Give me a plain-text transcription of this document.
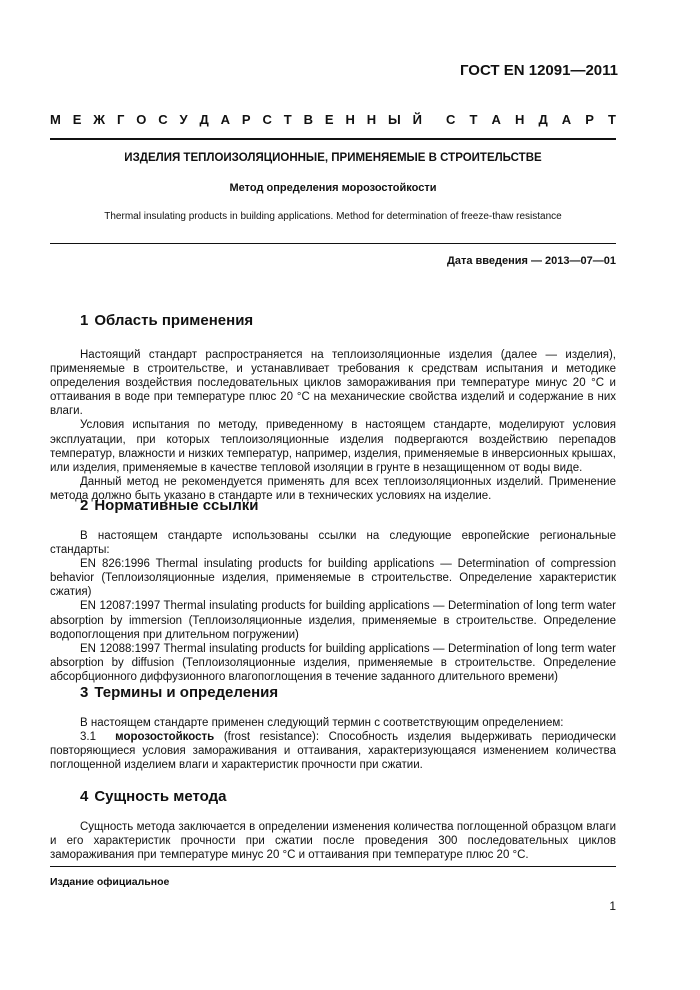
ГОСТ EN 12091—2011
М Е Ж Г О С У Д А Р С Т В Е Н Н Ы Й С Т А Н Д А Р Т
ИЗДЕЛИЯ ТЕПЛОИЗОЛЯЦИОННЫЕ, ПРИМЕНЯЕМЫЕ В СТРОИТЕЛЬСТВЕ
Метод определения морозостойкости
Thermal insulating products in building applications. Method for determination of freeze-thaw resistance
Дата введения — 2013—07—01
1 Область применения

Настоящий стандарт распространяется на теплоизоляционные изделия (далее — изделия), применяемые в строительстве, и устанавливает требования к средствам испытания и методике определения воздействия последовательных циклов замораживания при температуре минус 20 °С и оттаивания в воде при температуре плюс 20 °С на механические свойства изделий и содержание в них влаги.

Условия испытания по методу, приведенному в настоящем стандарте, моделируют условия эксплуатации, при которых теплоизоляционные изделия подвергаются воздействию перепадов температур, влажности и низких температур, например, изделия, применяемые в инверсионных крышах, или изделия, применяемые в качестве тепловой изоляции в грунте в незащищенном от воды виде.

Данный метод не рекомендуется применять для всех теплоизоляционных изделий. Применение метода должно быть указано в стандарте или в технических условиях на изделие.

2 Нормативные ссылки

В настоящем стандарте использованы ссылки на следующие европейские региональные стандарты:

EN 826:1996 Thermal insulating products for building applications — Determination of compression behavior (Теплоизоляционные изделия, применяемые в строительстве. Определение характеристик сжатия)

EN 12087:1997 Thermal insulating products for building applications — Determination of long term water absorption by immersion (Теплоизоляционные изделия, применяемые в строительстве. Определение водопоглощения при длительном погружении)

EN 12088:1997 Thermal insulating products for building applications — Determination of long term water absorption by diffusion (Теплоизоляционные изделия, применяемые в строительстве. Определение абсорбционного диффузионного влагопоглощения в течение заданного длительного времени)

3 Термины и определения

В настоящем стандарте применен следующий термин с соответствующим определением:

3.1 морозостойкость (frost resistance): Способность изделия выдерживать периодически повторяющиеся условия замораживания и оттаивания, характеризующаяся изменением количества поглощенной изделием влаги и характеристик прочности при сжатии.

4 Сущность метода

Сущность метода заключается в определении изменения количества поглощенной образцом влаги и его характеристик прочности при сжатии после проведения 300 последовательных циклов замораживания при температуре минус 20 °С и оттаивания при температуре плюс 20 °С.

Издание официальное
1
